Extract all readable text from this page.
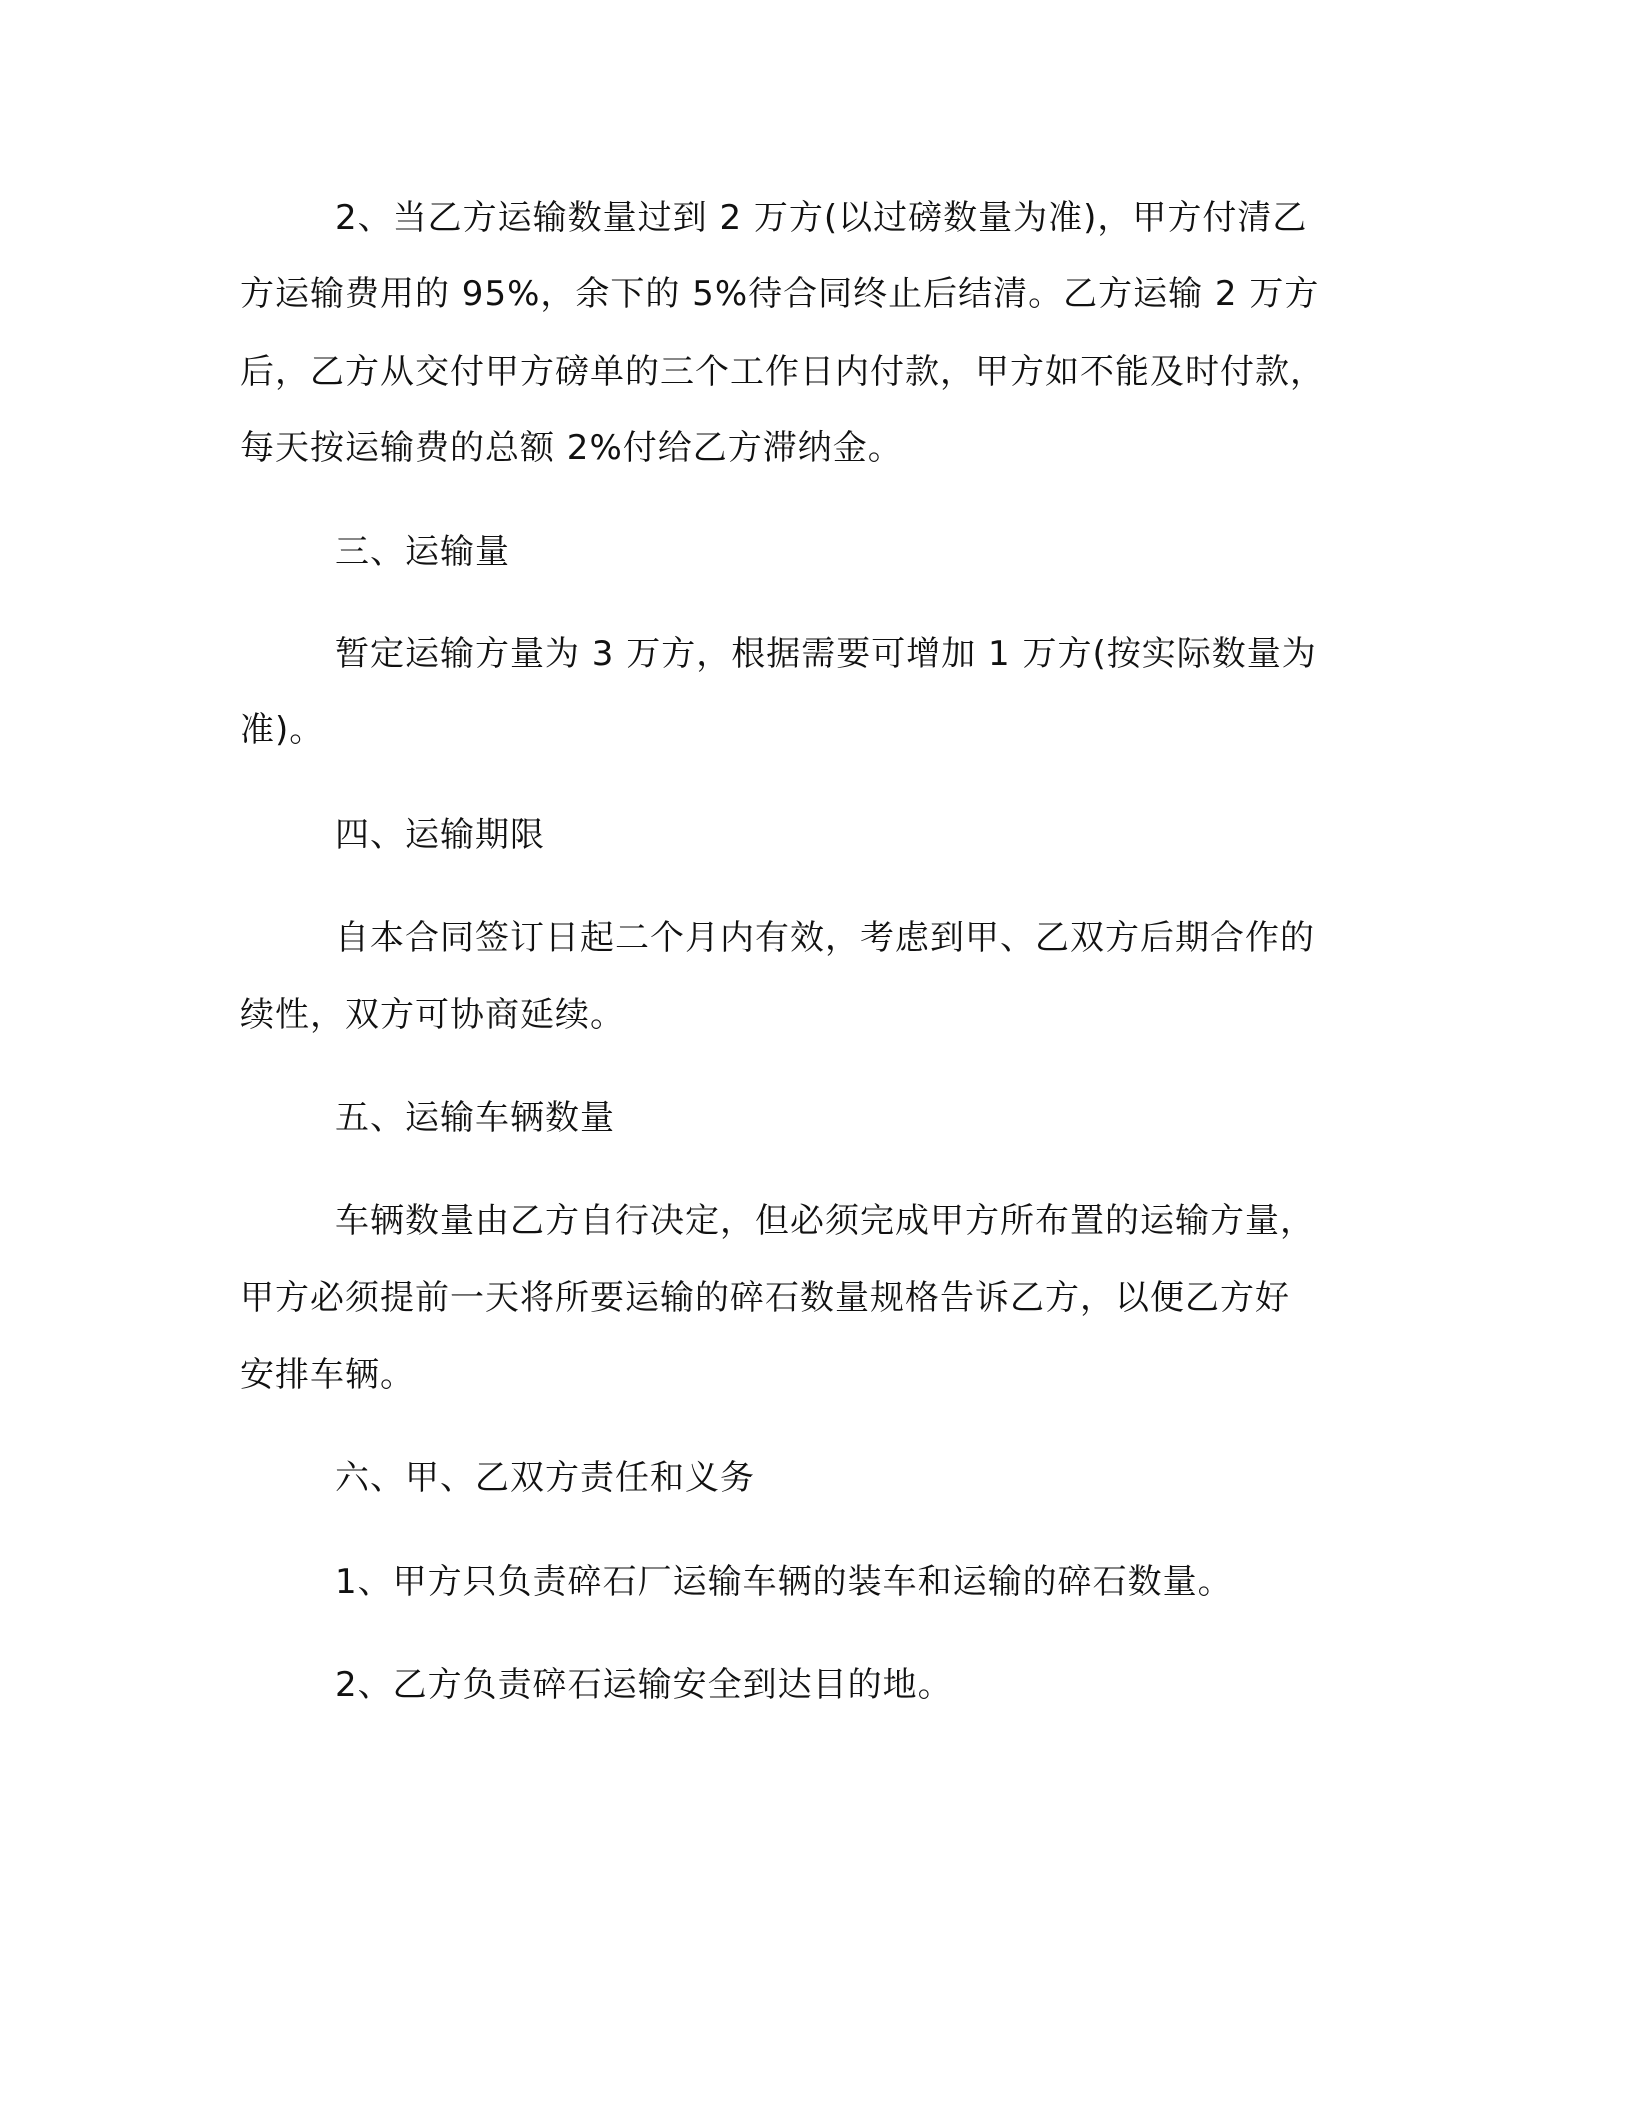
2、当乙方运输数量过到 2 万方(以过磅数量为准)，甲方付清乙
方运输费用的 95%，余下的 5%待合同终止后结清。乙方运输 2 万方
后，乙方从交付甲方磅单的三个工作日内付款，甲方如不能及时付款，
每天按运输费的总额 2%付给乙方滞纳金。
三、运输量
暂定运输方量为 3 万方，根据需要可增加 1 万方(按实际数量为
准)。
四、运输期限
自本合同签订日起二个月内有效，考虑到甲、乙双方后期合作的
续性，双方可协商延续。
五、运输车辆数量
车辆数量由乙方自行决定，但必须完成甲方所布置的运输方量，
甲方必须提前一天将所要运输的碎石数量规格告诉乙方，以便乙方好
安排车辆。
六、甲、乙双方责任和义务
1、甲方只负责碎石厂运输车辆的装车和运输的碎石数量。
2、乙方负责碎石运输安全到达目的地。
